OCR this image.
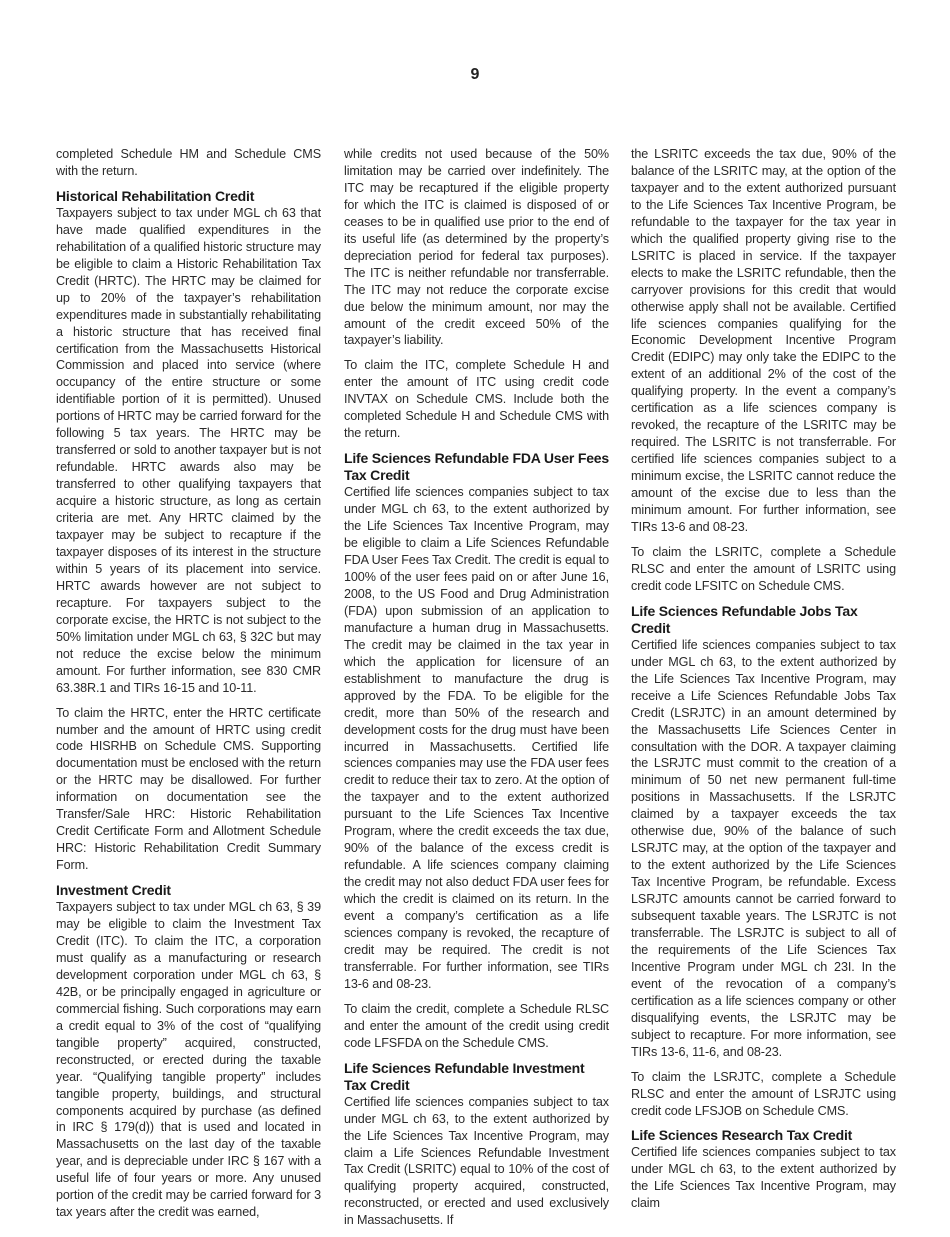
9

completed Schedule HM and Schedule CMS with the return.

Historical Rehabilitation Credit

Taxpayers subject to tax under MGL ch 63 that have made qualified expenditures in the rehabilitation of a qualified historic structure may be eligible to claim a Historic Rehabilitation Tax Credit (HRTC). The HRTC may be claimed for up to 20% of the taxpayer’s rehabilitation expenditures made in substantially rehabilitating a historic structure that has received final certification from the Massachusetts Historical Commission and placed into service (where occupancy of the entire structure or some identifiable portion of it is permitted). Unused portions of HRTC may be carried forward for the following 5 tax years. The HRTC may be transferred or sold to another taxpayer but is not refundable. HRTC awards also may be transferred to other qualifying taxpayers that acquire a historic structure, as long as certain criteria are met. Any HRTC claimed by the taxpayer may be subject to recapture if the taxpayer disposes of its interest in the structure within 5 years of its placement into service. HRTC awards however are not subject to recapture. For taxpayers subject to the corporate excise, the HRTC is not subject to the 50% limitation under MGL ch 63, § 32C but may not reduce the excise below the minimum amount. For further information, see 830 CMR 63.38R.1 and TIRs 16-15 and 10-11.

To claim the HRTC, enter the HRTC certificate number and the amount of HRTC using credit code HISRHB on Schedule CMS. Supporting documentation must be enclosed with the return or the HRTC may be disallowed. For further information on documentation see the Transfer/Sale HRC: Historic Rehabilitation Credit Certificate Form and Allotment Schedule HRC: Historic Rehabilitation Credit Summary Form.

Investment Credit

Taxpayers subject to tax under MGL ch 63, § 39 may be eligible to claim the Investment Tax Credit (ITC). To claim the ITC, a corporation must qualify as a manufacturing or research development corporation under MGL ch 63, § 42B, or be principally engaged in agriculture or commercial fishing. Such corporations may earn a credit equal to 3% of the cost of “qualifying tangible property” acquired, constructed, reconstructed, or erected during the taxable year. “Qualifying tangible property” includes tangible property, buildings, and structural components acquired by purchase (as defined in IRC § 179(d)) that is used and located in Massachusetts on the last day of the taxable year, and is depreciable under IRC § 167 with a useful life of four years or more. Any unused portion of the credit may be carried forward for 3 tax years after the credit was earned,

while credits not used because of the 50% limitation may be carried over indefinitely. The ITC may be recaptured if the eligible property for which the ITC is claimed is disposed of or ceases to be in qualified use prior to the end of its useful life (as determined by the property’s depreciation period for federal tax purposes). The ITC is neither refundable nor transferrable. The ITC may not reduce the corporate excise due below the minimum amount, nor may the amount of the credit exceed 50% of the taxpayer’s liability.

To claim the ITC, complete Schedule H and enter the amount of ITC using credit code INVTAX on Schedule CMS. Include both the completed Schedule H and Schedule CMS with the return.

Life Sciences Refundable FDA User Fees Tax Credit

Certified life sciences companies subject to tax under MGL ch 63, to the extent authorized by the Life Sciences Tax Incentive Program, may be eligible to claim a Life Sciences Refundable FDA User Fees Tax Credit. The credit is equal to 100% of the user fees paid on or after June 16, 2008, to the US Food and Drug Administration (FDA) upon submission of an application to manufacture a human drug in Massachusetts. The credit may be claimed in the tax year in which the application for licensure of an establishment to manufacture the drug is approved by the FDA. To be eligible for the credit, more than 50% of the research and development costs for the drug must have been incurred in Massachusetts. Certified life sciences companies may use the FDA user fees credit to reduce their tax to zero. At the option of the taxpayer and to the extent authorized pursuant to the Life Sciences Tax Incentive Program, where the credit exceeds the tax due, 90% of the balance of the excess credit is refundable. A life sciences company claiming the credit may not also deduct FDA user fees for which the credit is claimed on its return. In the event a company’s certification as a life sciences company is revoked, the recapture of credit may be required. The credit is not transferrable. For further information, see TIRs 13-6 and 08-23.

To claim the credit, complete a Schedule RLSC and enter the amount of the credit using credit code LFSFDA on the Schedule CMS.

Life Sciences Refundable Investment Tax Credit

Certified life sciences companies subject to tax under MGL ch 63, to the extent authorized by the Life Sciences Tax Incentive Program, may claim a Life Sciences Refundable Investment Tax Credit (LSRITC) equal to 10% of the cost of qualifying property acquired, constructed, reconstructed, or erected and used exclusively in Massachusetts. If

the LSRITC exceeds the tax due, 90% of the balance of the LSRITC may, at the option of the taxpayer and to the extent authorized pursuant to the Life Sciences Tax Incentive Program, be refundable to the taxpayer for the tax year in which the qualified property giving rise to the LSRITC is placed in service. If the taxpayer elects to make the LSRITC refundable, then the carryover provisions for this credit that would otherwise apply shall not be available. Certified life sciences companies qualifying for the Economic Development Incentive Program Credit (EDIPC) may only take the EDIPC to the extent of an additional 2% of the cost of the qualifying property. In the event a company’s certification as a life sciences company is revoked, the recapture of the LSRITC may be required. The LSRITC is not transferrable. For certified life sciences companies subject to a minimum excise, the LSRITC cannot reduce the amount of the excise due to less than the minimum amount. For further information, see TIRs 13-6 and 08-23.

To claim the LSRITC, complete a Schedule RLSC and enter the amount of LSRITC using credit code LFSITC on Schedule CMS.

Life Sciences Refundable Jobs Tax Credit

Certified life sciences companies subject to tax under MGL ch 63, to the extent authorized by the Life Sciences Tax Incentive Program, may receive a Life Sciences Refundable Jobs Tax Credit (LSRJTC) in an amount determined by the Massachusetts Life Sciences Center in consultation with the DOR. A taxpayer claiming the LSRJTC must commit to the creation of a minimum of 50 net new permanent full-time positions in Massachusetts. If the LSRJTC claimed by a taxpayer exceeds the tax otherwise due, 90% of the balance of such LSRJTC may, at the option of the taxpayer and to the extent authorized by the Life Sciences Tax Incentive Program, be refundable. Excess LSRJTC amounts cannot be carried forward to subsequent taxable years. The LSRJTC is not transferrable. The LSRJTC is subject to all of the requirements of the Life Sciences Tax Incentive Program under MGL ch 23I. In the event of the revocation of a company’s certification as a life sciences company or other disqualifying events, the LSRJTC may be subject to recapture. For more information, see TIRs 13-6, 11-6, and 08-23.

To claim the LSRJTC, complete a Schedule RLSC and enter the amount of LSRJTC using credit code LFSJOB on Schedule CMS.

Life Sciences Research Tax Credit

Certified life sciences companies subject to tax under MGL ch 63, to the extent authorized by the Life Sciences Tax Incentive Program, may claim
